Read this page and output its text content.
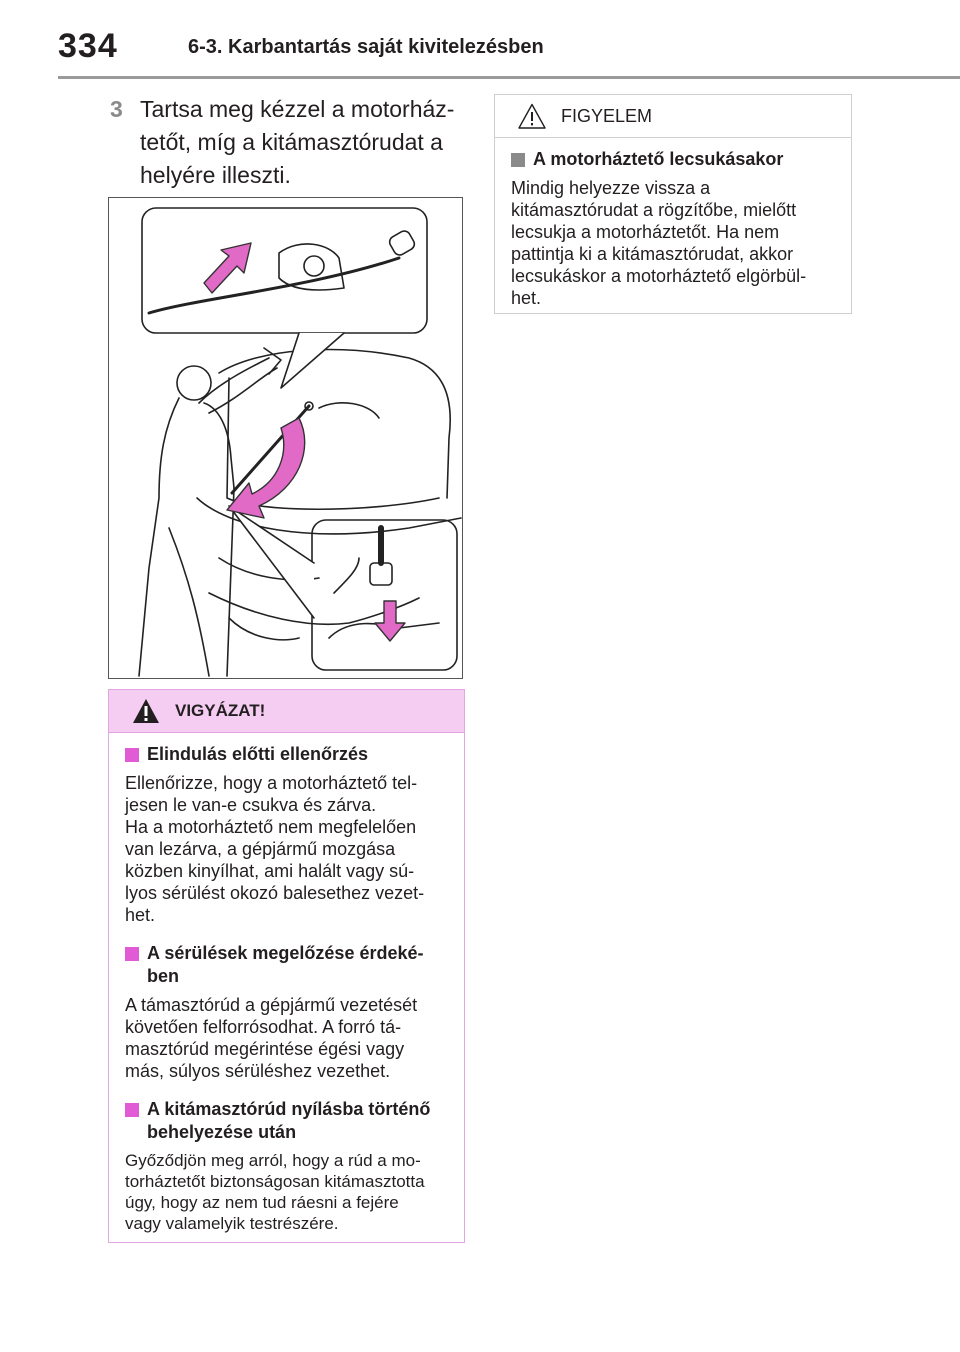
334	6-3. Karbantartás saját kivitelezésben
3 Tartsa meg kézzel a motorház-
tetőt, míg a kitámasztórudat a
helyére illeszti.
VIGYÁZAT!
Elindulás előtti ellenőrzés
Ellenőrizze, hogy a motorháztető tel-
jesen le van-e csukva és zárva.
Ha a motorháztető nem megfelelően
van lezárva, a gépjármű mozgása
közben kinyílhat, ami halált vagy sú-
lyos sérülést okozó balesethez vezet-
het.
A sérülések megelőzése érdeké-
ben
A támasztórúd a gépjármű vezetését
követően felforrósodhat. A forró tá-
masztórúd megérintése égési vagy
más, súlyos sérüléshez vezethet.
A kitámasztórúd nyílásba történő
behelyezése után
Győződjön meg arról, hogy a rúd a mo-
torháztetőt biztonságosan kitámasztotta
úgy, hogy az nem tud ráesni a fejére
vagy valamelyik testrészére.
FIGYELEM
A motorháztető lecsukásakor
Mindig helyezze vissza a
kitámasztórudat a rögzítőbe, mielőtt
lecsukja a motorháztetőt. Ha nem
pattintja ki a kitámasztórudat, akkor
lecsukáskor a motorháztető elgörbül-
het.
